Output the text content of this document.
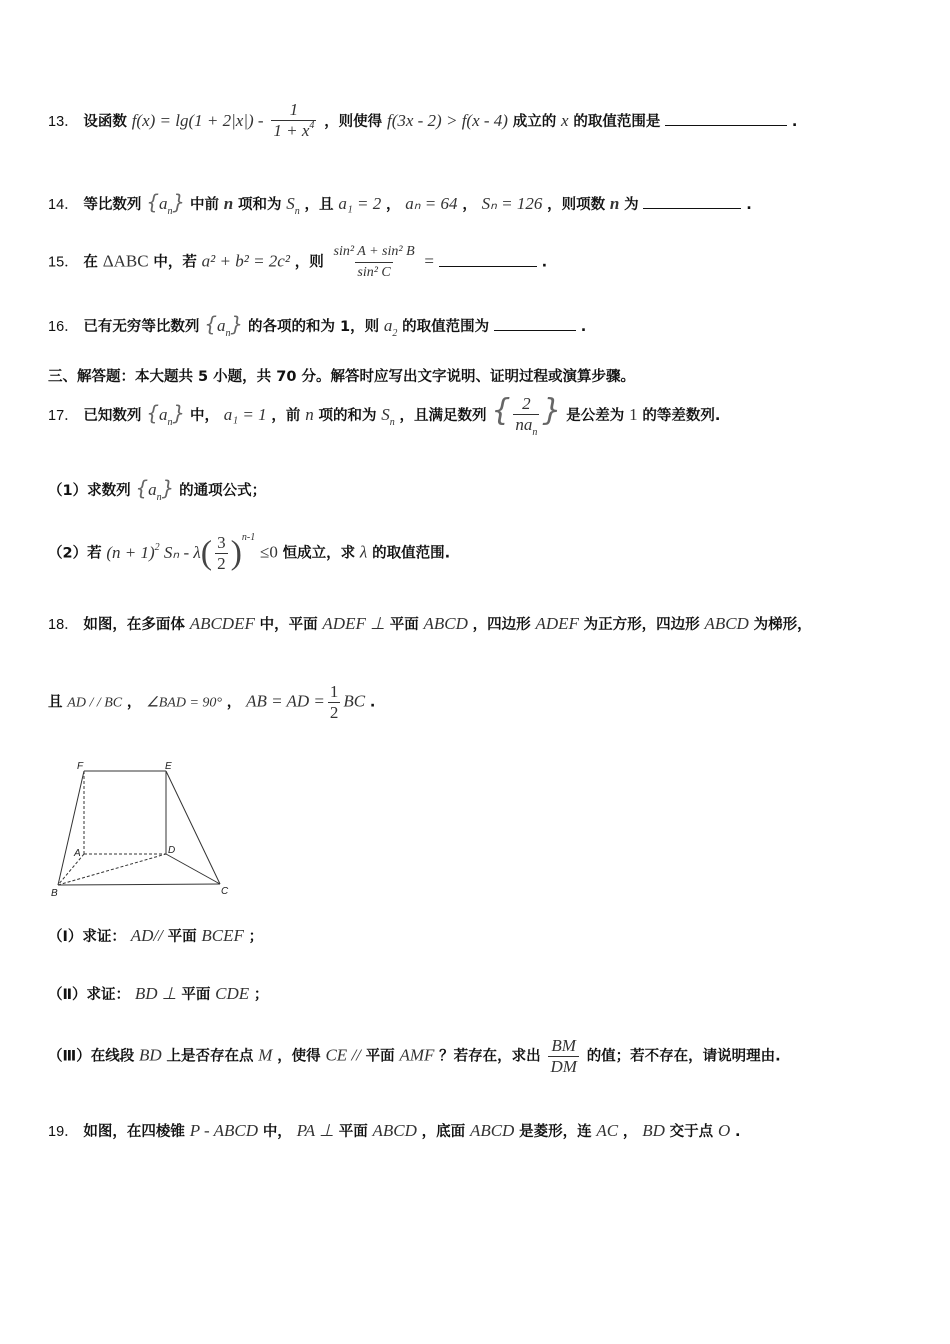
13． 设函数 $f(x) = \lg(1 + 2|x|) - \frac{1}{1 + x^4}$ ，则使得 f(3x - 2) > f(x - 4) 成立的 x 的取值范围是	.
14． 等比数列 $\{a_n\}$ 中前 n 项和为 $S_n$ ，且 a₁ = 2 ， aₙ = 64 ， Sₙ = 126 ，则项数 n 为	.
15． 在 ΔABC 中，若 a² + b² = 2c² ，则 $\frac{\text{sin² A + sin² B}}{\text{sin² C}}$ =	.
16． 已有无穷等比数列 $\{a_n\}$ 的各项的和为 1，则 $a_2$ 的取值范围为	.
三、解答题：本大题共 5 小题，共 70 分。解答时应写出文字说明、证明过程或演算步骤。
17． 已知数列 $\{a_n\}$ 中， a₁ = 1 ，前 n 项的和为 $S_n$ ，且满足数列 { $\frac{2}{na_n}$ } 是公差为 1 的等差数列.
（1）求数列 $\{a_n\}$ 的通项公式；
（2）若 $(n + 1)^2$ $S_n - \lambda( \frac{3}{2} )^{n-1} \le 0$ 恒成立，求 λ 的取值范围.
18． 如图，在多面体 ABCDEF 中，平面 ADEF ⊥ 平面 ABCD ，四边形 ADEF 为正方形，四边形 ABCD 为梯形，
且 AD / / BC ， ∠BAD = 90° ， AB = AD = $\frac{1}{2}$ BC .
F	E
A	D
B	C
（Ⅰ）求证： AD// 平面 BCEF ；
（Ⅱ）求证： BD ⊥ 平面 CDE ；
（Ⅲ）在线段 BD 上是否存在点 M ，使得 CE // 平面 AMF ？若存在，求出 $\frac{BM}{DM}$ 的值；若不存在，请说明理由.
19． 如图，在四棱锥 P - ABCD 中， PA ⊥ 平面 ABCD ，底面 ABCD 是菱形，连 AC ， BD 交于点 O .
